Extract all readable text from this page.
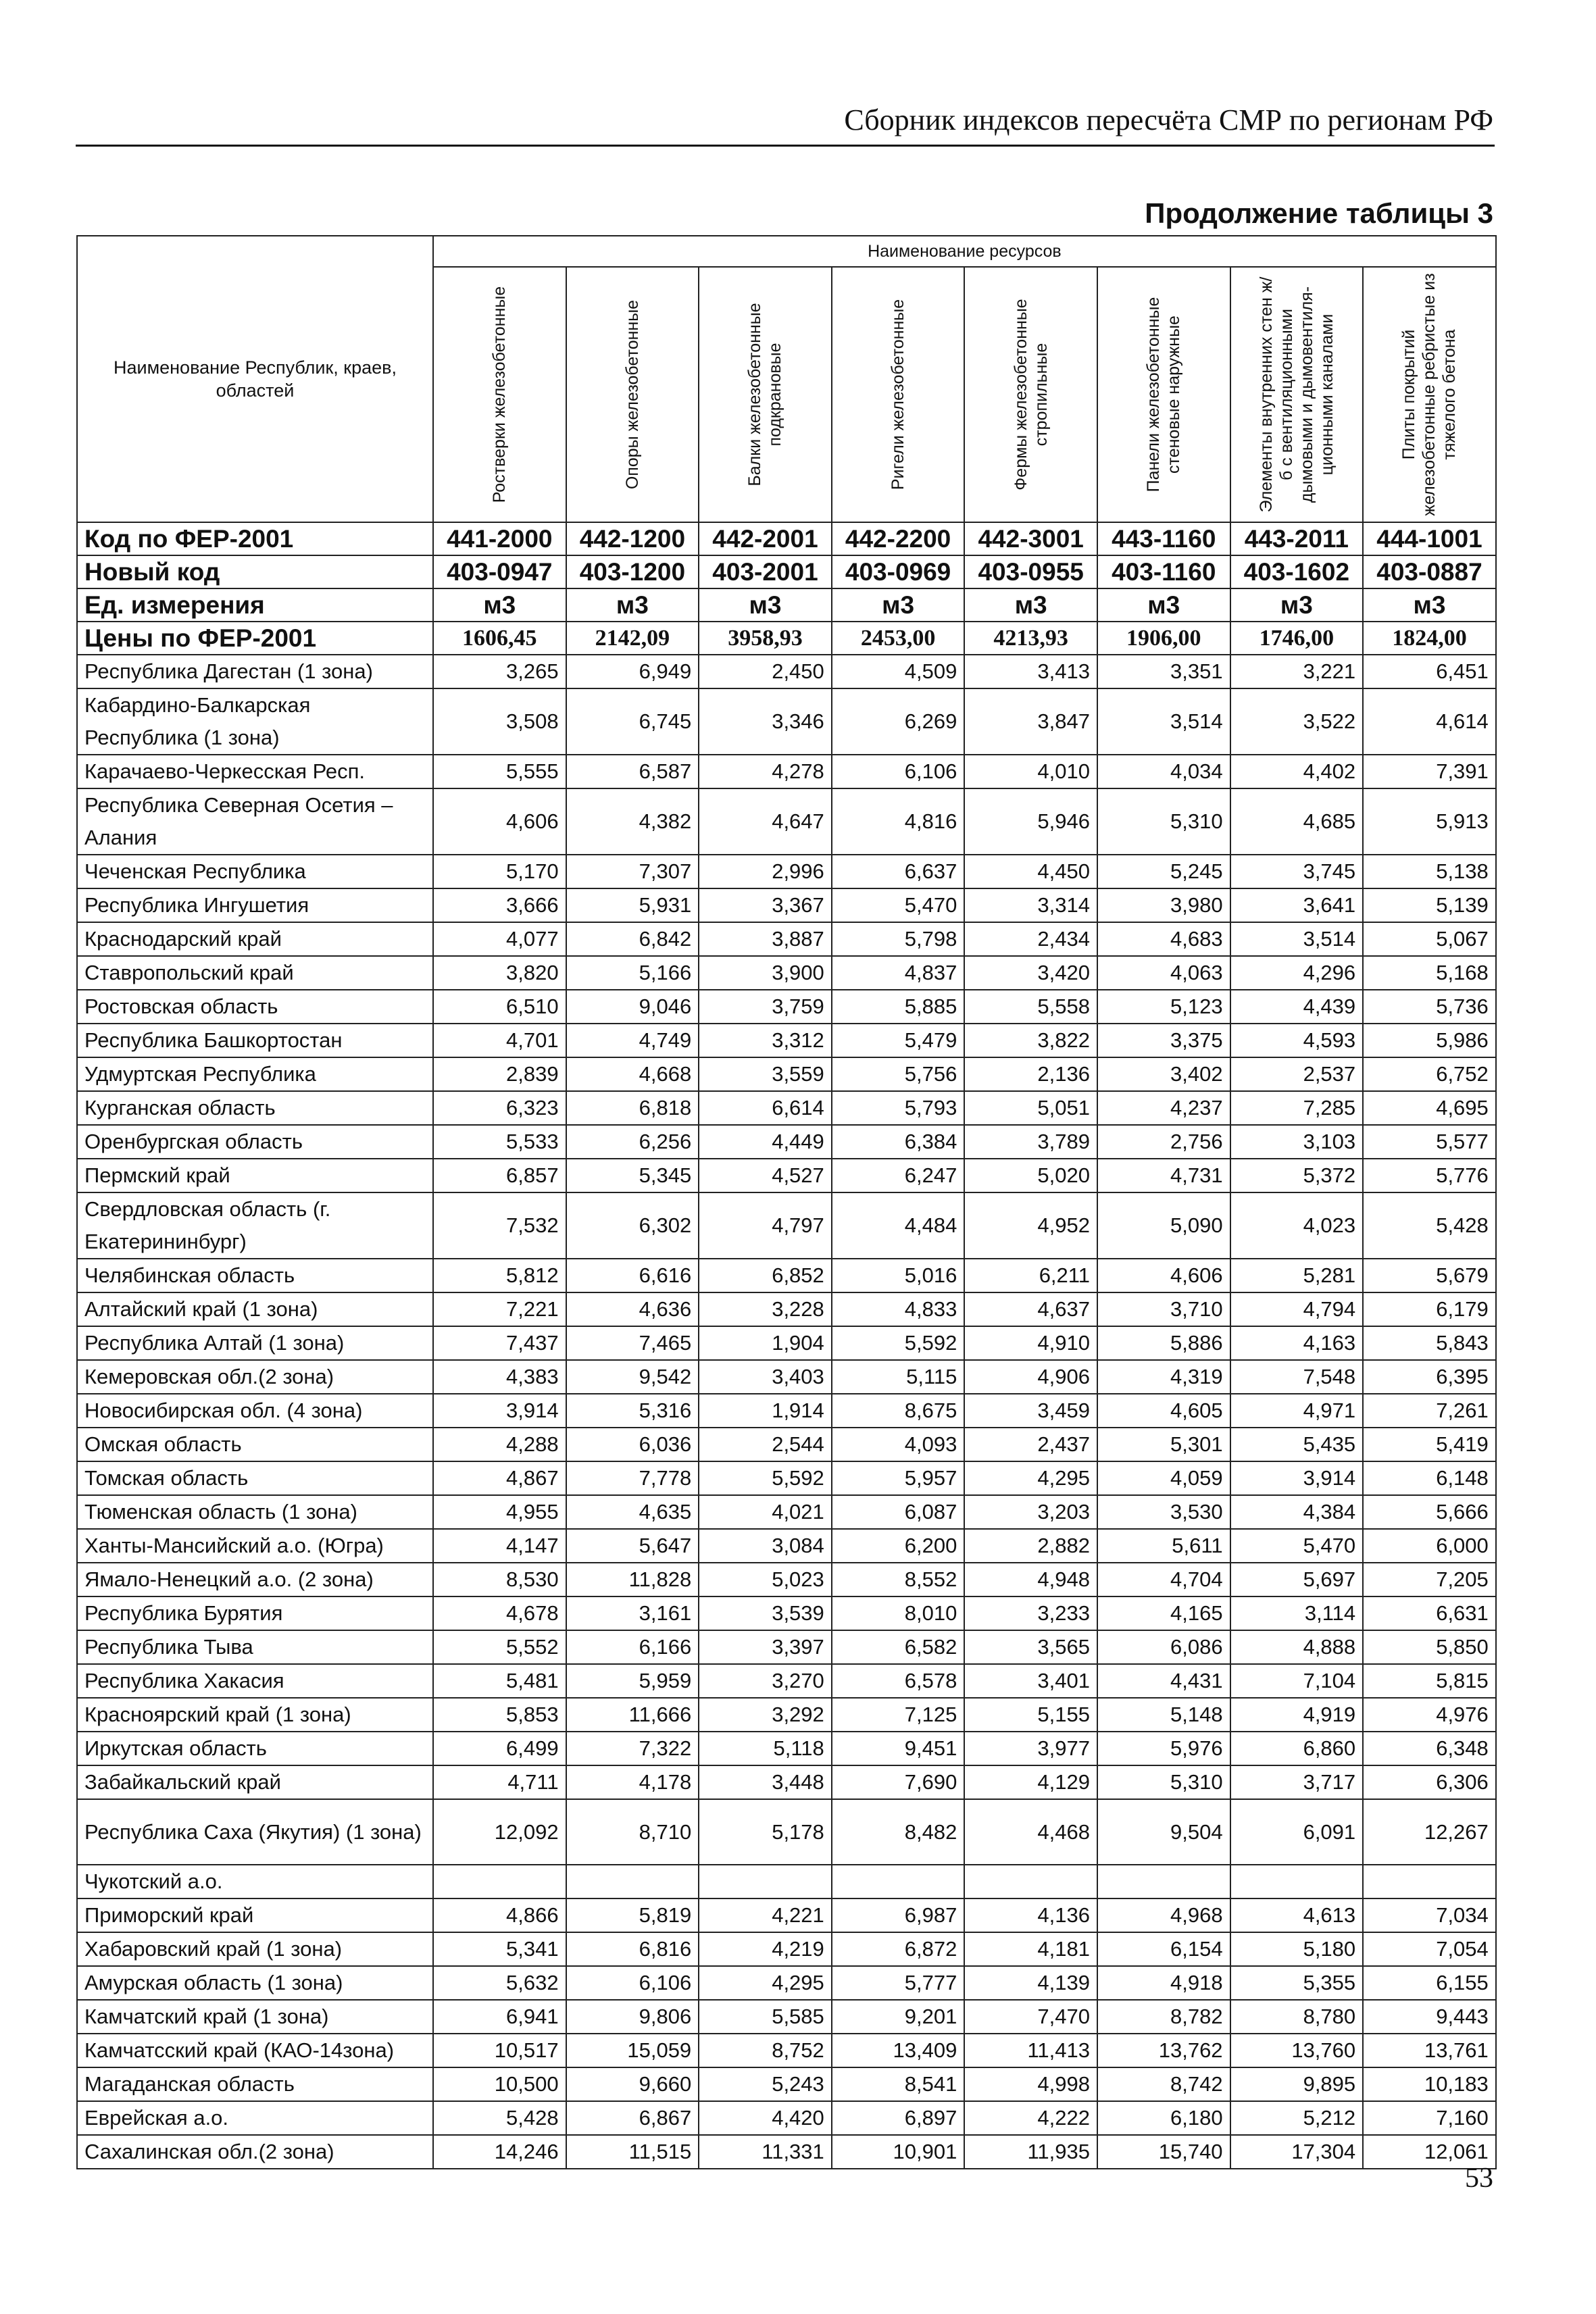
Сборник индексов пересчёта СМР по регионам РФ
Продолжение таблицы 3
Наименование Республик, краев, областей	Наименование ресурсов							

	Ростверки железобетонные	Опоры железобетонные	Балки железобетонные подкрановые	Ригели железобетонные	Фермы железобетонные стропильные	Панели железобетонные стеновые наружные	Элементы внутренних стен ж/б с вентиляционными дымовыми и дымовентиля-ционными каналами	Плиты покрытий железобетонные ребристые из тяжелого бетона

Код по ФЕР-2001	441-2000	442-1200	442-2001	442-2200	442-3001	443-1160	443-2011	444-1001
Новый код	403-0947	403-1200	403-2001	403-0969	403-0955	403-1160	403-1602	403-0887
Ед. измерения	м3	м3	м3	м3	м3	м3	м3	м3
Цены по ФЕР-2001	1606,45	2142,09	3958,93	2453,00	4213,93	1906,00	1746,00	1824,00
Республика Дагестан (1 зона)	3,265	6,949	2,450	4,509	3,413	3,351	3,221	6,451
Кабардино-Балкарская Республика (1 зона)	3,508	6,745	3,346	6,269	3,847	3,514	3,522	4,614
Карачаево-Черкесская Респ.	5,555	6,587	4,278	6,106	4,010	4,034	4,402	7,391
Республика Северная Осетия – Алания	4,606	4,382	4,647	4,816	5,946	5,310	4,685	5,913
Чеченская Республика	5,170	7,307	2,996	6,637	4,450	5,245	3,745	5,138
Республика Ингушетия	3,666	5,931	3,367	5,470	3,314	3,980	3,641	5,139
Краснодарский край	4,077	6,842	3,887	5,798	2,434	4,683	3,514	5,067
Ставропольский край	3,820	5,166	3,900	4,837	3,420	4,063	4,296	5,168
Ростовская область	6,510	9,046	3,759	5,885	5,558	5,123	4,439	5,736
Республика Башкортостан	4,701	4,749	3,312	5,479	3,822	3,375	4,593	5,986
Удмуртская Республика	2,839	4,668	3,559	5,756	2,136	3,402	2,537	6,752
Курганская область	6,323	6,818	6,614	5,793	5,051	4,237	7,285	4,695
Оренбургская область	5,533	6,256	4,449	6,384	3,789	2,756	3,103	5,577
Пермский край	6,857	5,345	4,527	6,247	5,020	4,731	5,372	5,776
Свердловская область (г. Екатерининбург)	7,532	6,302	4,797	4,484	4,952	5,090	4,023	5,428
Челябинская область	5,812	6,616	6,852	5,016	6,211	4,606	5,281	5,679
Алтайский край (1 зона)	7,221	4,636	3,228	4,833	4,637	3,710	4,794	6,179
Республика Алтай (1 зона)	7,437	7,465	1,904	5,592	4,910	5,886	4,163	5,843
Кемеровская обл.(2 зона)	4,383	9,542	3,403	5,115	4,906	4,319	7,548	6,395
Новосибирская обл. (4 зона)	3,914	5,316	1,914	8,675	3,459	4,605	4,971	7,261
Омская область	4,288	6,036	2,544	4,093	2,437	5,301	5,435	5,419
Томская область	4,867	7,778	5,592	5,957	4,295	4,059	3,914	6,148
Тюменская область (1 зона)	4,955	4,635	4,021	6,087	3,203	3,530	4,384	5,666
Ханты-Мансийский а.о. (Югра)	4,147	5,647	3,084	6,200	2,882	5,611	5,470	6,000
Ямало-Ненецкий а.о. (2 зона)	8,530	11,828	5,023	8,552	4,948	4,704	5,697	7,205
Республика Бурятия	4,678	3,161	3,539	8,010	3,233	4,165	3,114	6,631
Республика Тыва	5,552	6,166	3,397	6,582	3,565	6,086	4,888	5,850
Республика Хакасия	5,481	5,959	3,270	6,578	3,401	4,431	7,104	5,815
Красноярский край (1 зона)	5,853	11,666	3,292	7,125	5,155	5,148	4,919	4,976
Иркутская область	6,499	7,322	5,118	9,451	3,977	5,976	6,860	6,348
Забайкальский край	4,711	4,178	3,448	7,690	4,129	5,310	3,717	6,306
Республика Саха (Якутия) (1 зона)	12,092	8,710	5,178	8,482	4,468	9,504	6,091	12,267
Чукотский а.о.								
Приморский край	4,866	5,819	4,221	6,987	4,136	4,968	4,613	7,034
Хабаровский край (1 зона)	5,341	6,816	4,219	6,872	4,181	6,154	5,180	7,054
Амурская область (1 зона)	5,632	6,106	4,295	5,777	4,139	4,918	5,355	6,155
Камчатский край (1 зона)	6,941	9,806	5,585	9,201	7,470	8,782	8,780	9,443
Камчатсский край (КАО-14зона)	10,517	15,059	8,752	13,409	11,413	13,762	13,760	13,761
Магаданская область	10,500	9,660	5,243	8,541	4,998	8,742	9,895	10,183
Еврейская а.о.	5,428	6,867	4,420	6,897	4,222	6,180	5,212	7,160
Сахалинская обл.(2 зона)	14,246	11,515	11,331	10,901	11,935	15,740	17,304	12,061
53
